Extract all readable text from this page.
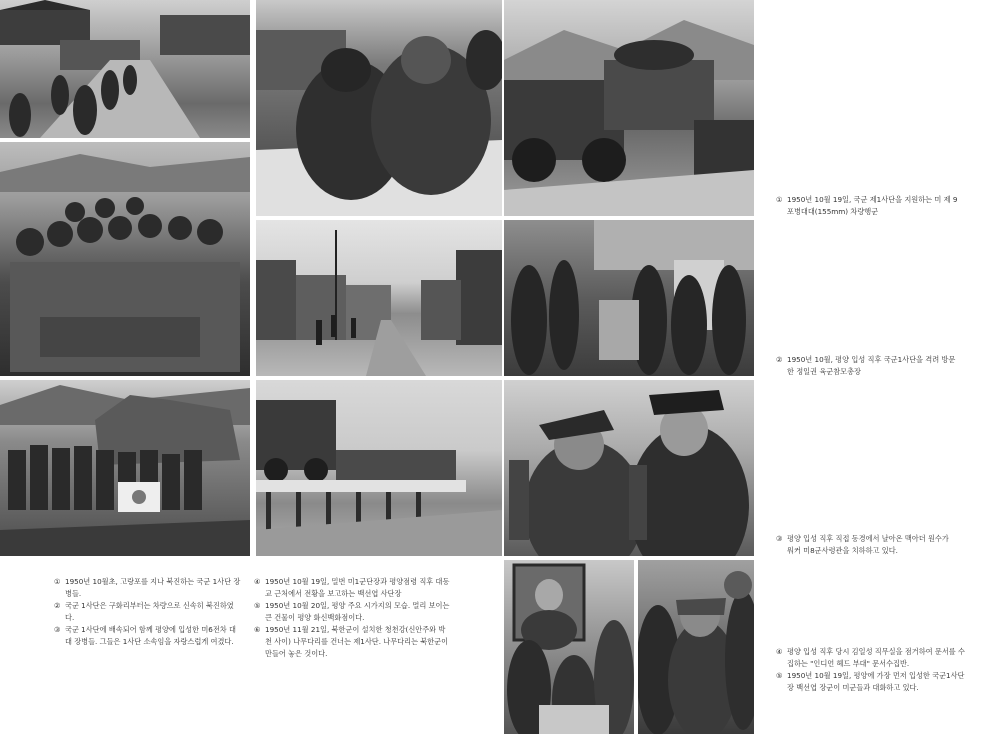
① 1950년 10월초, 고랑포를 지나 북진하는 국군 1사단 장병들.
② 국군 1사단은 구화리부터는 차량으로 신속히 북진하였다.
③ 국군 1사단에 배속되어 함께 평양에 입성한 미6전차 대대 장병들. 그들은 1사단 소속임을 자랑스럽게 여겼다.
④ 1950년 10월 19일, 밀번 미1군단장과 평양점령 직후 대동교 근처에서 전황을 보고하는 백선엽 사단장
⑤ 1950년 10월 20일, 평양 주요 시가지의 모습. 멀리 보이는 큰 건물이 평양 화신백화점이다.
⑥ 1950년 11월 21일, 북한군이 설치한 청천강(신안주와 박천 사이) 나무다리를 건너는 제1사단. 나무다리는 북한군이 만들어 놓은 것이다.
① 1950년 10월 19일, 국군 제1사단을 지원하는 미 제 9 포병대대(155mm) 차량행군
② 1950년 10월, 평양 입성 직후 국군1사단을 격려 방문한 정일권 육군참모총장
③ 평양 입성 직후 직접 동경에서 날아온 맥아더 원수가 워커 미8군사령관을 치하하고 있다.
④ 평양 입성 직후 당시 김일성 직무실을 점거하여 문서를 수집하는 "인디언 헤드 부대" 문서수집반.
⑤ 1950년 10월 19일, 평양에 가장 먼저 입성한 국군1사단장 백선엽 장군이 미군들과 대화하고 있다.
